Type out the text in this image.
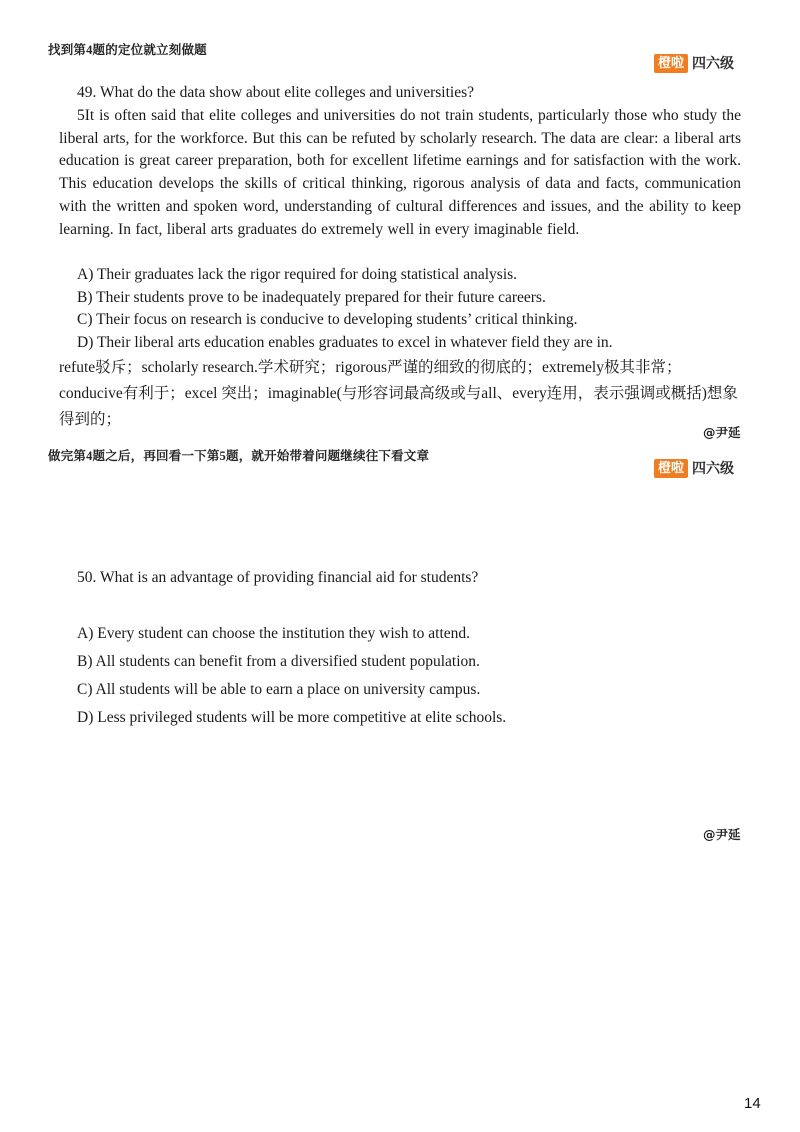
找到第4题的定位就立刻做题
橙啦 四六级
49. What do the data show about elite colleges and universities?
5It is often said that elite colleges and universities do not train students, particularly those who study the liberal arts, for the workforce. But this can be refuted by scholarly research. The data are clear: a liberal arts education is great career preparation, both for excellent lifetime earnings and for satisfaction with the work. This education develops the skills of critical thinking, rigorous analysis of data and facts, communication with the written and spoken word, understanding of cultural differences and issues, and the ability to keep learning. In fact, liberal arts graduates do extremely well in every imaginable field.
A) Their graduates lack the rigor required for doing statistical analysis.
B) Their students prove to be inadequately prepared for their future careers.
C) Their focus on research is conducive to developing students’ critical thinking.
D) Their liberal arts education enables graduates to excel in whatever field they are in.
refute驳斥；scholarly research.学术研究；rigorous严谨的细致的彻底的；extremely极其非常；conducive有利于；excel 突出；imaginable(与形容词最高级或与all、every连用，表示强调或概括)想象得到的；
@尹延
做完第4题之后，再回看一下第5题，就开始带着问题继续往下看文章
橙啦 四六级
50. What is an advantage of providing financial aid for students?
A) Every student can choose the institution they wish to attend.
B) All students can benefit from a diversified student population.
C) All students will be able to earn a place on university campus.
D) Less privileged students will be more competitive at elite schools.
@尹延
14
